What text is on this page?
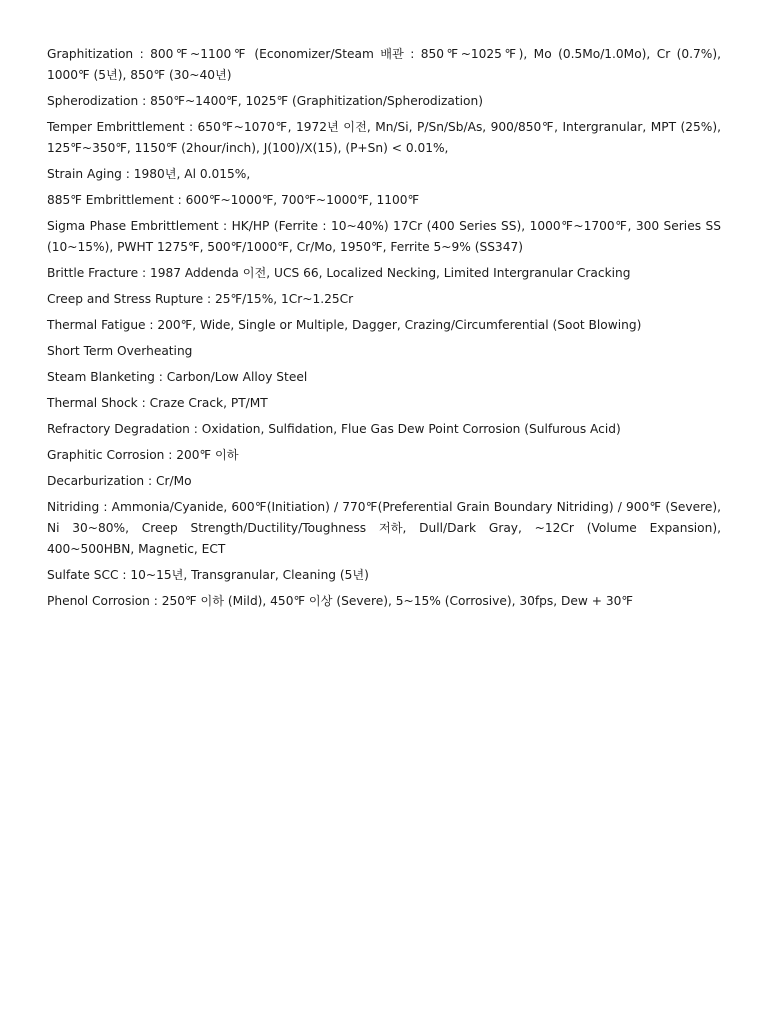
Graphitization : 800℉~1100℉ (Economizer/Steam 배관 : 850℉~1025℉), Mo (0.5Mo/1.0Mo), Cr (0.7%), 1000℉ (5년), 850℉ (30~40년)

Spherodization : 850℉~1400℉, 1025℉ (Graphitization/Spherodization)

Temper Embrittlement : 650℉~1070℉, 1972년 이전, Mn/Si, P/Sn/Sb/As, 900/850℉, Intergranular, MPT (25%), 125℉~350℉, 1150℉ (2hour/inch), J(100)/X(15), (P+Sn) < 0.01%,

Strain Aging : 1980년, Al 0.015%,

885℉ Embrittlement : 600℉~1000℉, 700℉~1000℉, 1100℉

Sigma Phase Embrittlement : HK/HP (Ferrite : 10~40%) 17Cr (400 Series SS), 1000℉~1700℉, 300 Series SS (10~15%), PWHT 1275℉, 500℉/1000℉, Cr/Mo, 1950℉, Ferrite 5~9% (SS347)

Brittle Fracture : 1987 Addenda 이전, UCS 66, Localized Necking, Limited Intergranular Cracking

Creep and Stress Rupture : 25℉/15%, 1Cr~1.25Cr

Thermal Fatigue : 200℉, Wide, Single or Multiple, Dagger, Crazing/Circumferential (Soot Blowing)

Short Term Overheating

Steam Blanketing : Carbon/Low Alloy Steel

Thermal Shock : Craze Crack, PT/MT

Refractory Degradation : Oxidation, Sulfidation, Flue Gas Dew Point Corrosion (Sulfurous Acid)

Graphitic Corrosion : 200℉ 이하

Decarburization : Cr/Mo

Nitriding : Ammonia/Cyanide, 600℉(Initiation) / 770℉(Preferential Grain Boundary Nitriding) / 900℉ (Severe), Ni 30~80%, Creep Strength/Ductility/Toughness 저하, Dull/Dark Gray, ~12Cr (Volume Expansion), 400~500HBN, Magnetic, ECT

Sulfate SCC : 10~15년, Transgranular, Cleaning (5년)

Phenol Corrosion : 250℉ 이하 (Mild), 450℉ 이상 (Severe), 5~15% (Corrosive), 30fps, Dew + 30℉
